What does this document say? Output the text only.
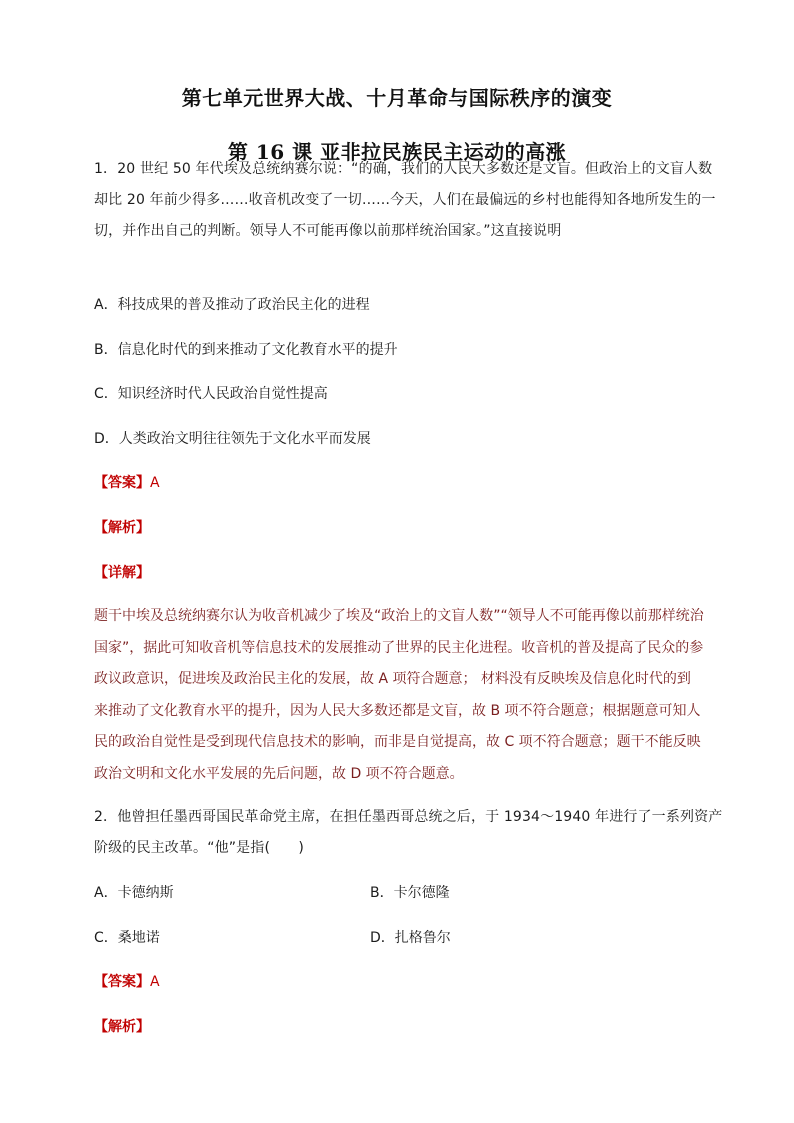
第七单元世界大战、十月革命与国际秩序的演变
第 16 课 亚非拉民族民主运动的高涨
1．20 世纪 50 年代埃及总统纳赛尔说：“的确，我们的人民大多数还是文盲。但政治上的文盲人数
却比 20 年前少得多……收音机改变了一切……今天，人们在最偏远的乡村也能得知各地所发生的一
切，并作出自己的判断。领导人不可能再像以前那样统治国家。”这直接说明
A．科技成果的普及推动了政治民主化的进程
B．信息化时代的到来推动了文化教育水平的提升
C．知识经济时代人民政治自觉性提高
D．人类政治文明往往领先于文化水平而发展
【答案】A
【解析】
【详解】
题干中埃及总统纳赛尔认为收音机减少了埃及“政治上的文盲人数”“领导人不可能再像以前那样统治
国家”，据此可知收音机等信息技术的发展推动了世界的民主化进程。收音机的普及提高了民众的参
政议政意识，促进埃及政治民主化的发展，故 A 项符合题意； 材料没有反映埃及信息化时代的到
来推动了文化教育水平的提升，因为人民大多数还都是文盲，故 B 项不符合题意；根据题意可知人
民的政治自觉性是受到现代信息技术的影响，而非是自觉提高，故 C 项不符合题意；题干不能反映
政治文明和文化水平发展的先后问题，故 D 项不符合题意。
2．他曾担任墨西哥国民革命党主席，在担任墨西哥总统之后，于 1934～1940 年进行了一系列资产
阶级的民主改革。“他”是指(　　)
A．卡德纳斯	B．卡尔德隆
C．桑地诺	D．扎格鲁尔
【答案】A
【解析】
